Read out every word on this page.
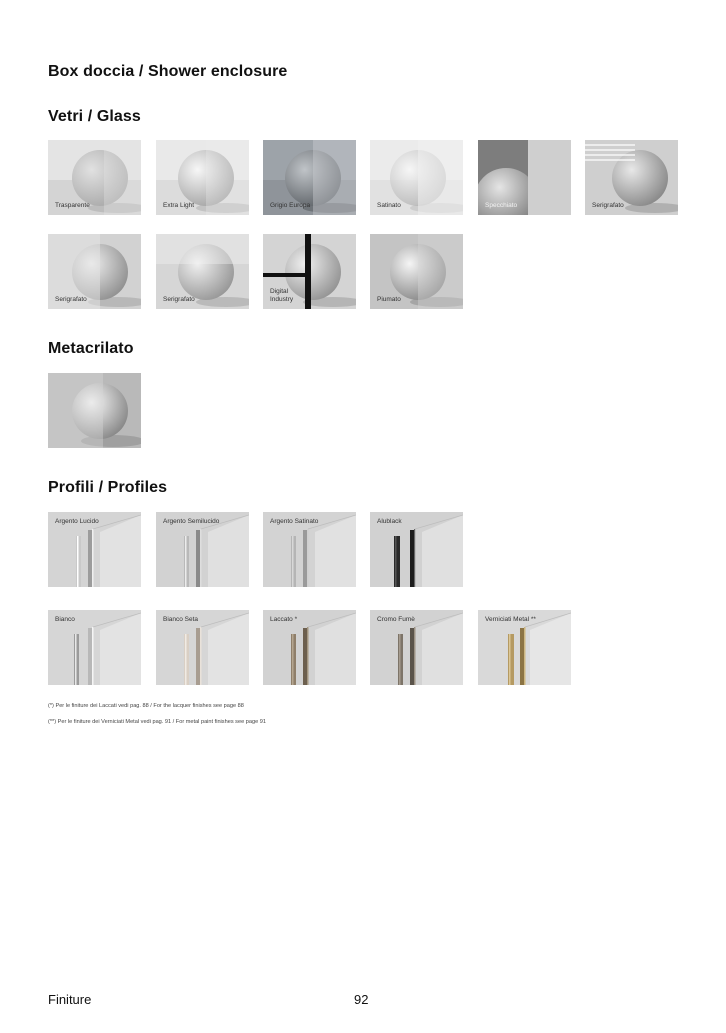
Box doccia / Shower enclosure
Vetri / Glass
Metacrilato
Profili / Profiles
Trasparente	Extra Light	Grigio Europa	Satinato	Specchiato	Serigrafato
Serigrafato	Serigrafato
Digital
Industry	Piumato
Argento Lucido	Argento Semilucido	Argento Satinato	Alublack
Bianco	Bianco Seta	Laccato *	Cromo Fumè	Verniciati Metal **
(*) Per le finiture dei Laccati vedi pag. 88 / For the lacquer finishes see page 88
(**) Per le finiture dei Verniciati Metal vedi pag. 91 / For metal paint finishes see page 91
Finiture	92
